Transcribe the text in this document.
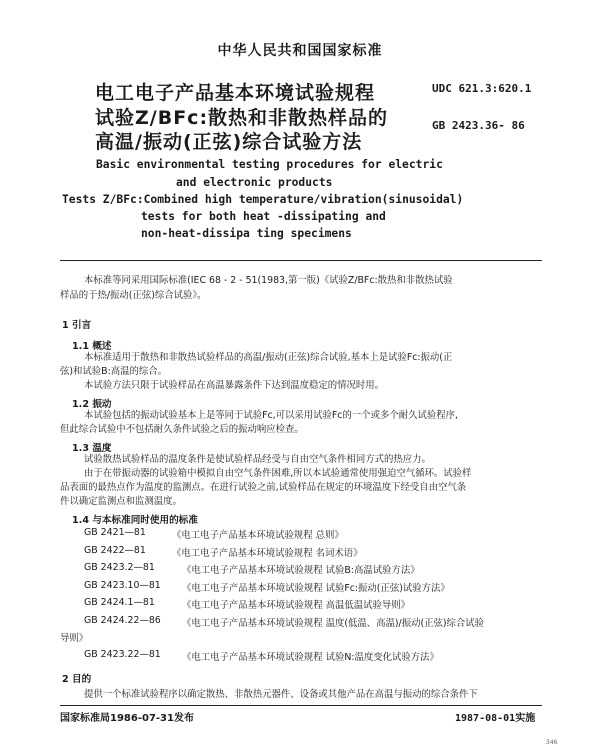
中华人民共和国国家标准
电工电子产品基本环境试验规程
试验Z/BFc:散热和非散热样品的
高温/振动(正弦)综合试验方法
UDC 621.3:620.1
GB 2423.36- 86
Basic environmental testing procedures for electric
and electronic products
Tests Z/BFc:Combined high temperature/vibration(sinusoidal)
tests for both heat -dissipating and
non-heat-dissipa ting specimens
本标准等同采用国际标准(IEC 68 - 2 - 51(1983,第一版)《试验Z/BFc:散热和非散热试验
样品的于热/振动(正弦)综合试验》。
1 引言
1.1 概述
本标准适用于散热和非散热试验样品的高温/振动(正弦)综合试验,基本上是试验Fc:振动(正
弦)和试验B:高温的综合。
本试验方法只限于试验样品在高温暴露条件下达到温度稳定的情况时用。
1.2 振动
本试验包括的振动试验基本上是等同于试验Fc,可以采用试验Fc的一个或多个耐久试验程序,
但此综合试验中不包括耐久条件试验之后的振动响应检查。
1.3 温度
试验散热试验样品的温度条件是使试验样品经受与自由空气条件相同方式的热应力。
由于在带振动器的试验箱中模拟自由空气条件困难,所以本试验通常使用强迫空气循环。试验样
品表面的最热点作为温度的监测点。在进行试验之前,试验样品在规定的环境温度下经受自由空气条
件以确定监测点和监测温度。
1.4 与本标准同时使用的标准
GB 2421—81	《电工电子产品基本环境试验规程 总则》
GB 2422—81	《电工电子产品基本环境试验规程 名词术语》
GB 2423.2—81	《电工电子产品基本环境试验规程 试验B:高温试验方法》
GB 2423.10—81 《电工电子产品基本环境试验规程 试验Fc:振动(正弦)试验方法》
GB 2424.1—81	《电工电子产品基本环境试验规程 高温低温试验导则》
GB 2424.22—86 《电工电子产品基本环境试验规程 温度(低温、高温)/振动(正弦)综合试验
导则》
GB 2423.22—81 《电工电子产品基本环境试验规程 试验N:温度变化试验方法》
2 目的
提供一个标准试验程序以确定散热、非散热元器件、设备或其他产品在高温与振动的综合条件下
国家标准局1986-07-31发布	1987-08-01实施
346
